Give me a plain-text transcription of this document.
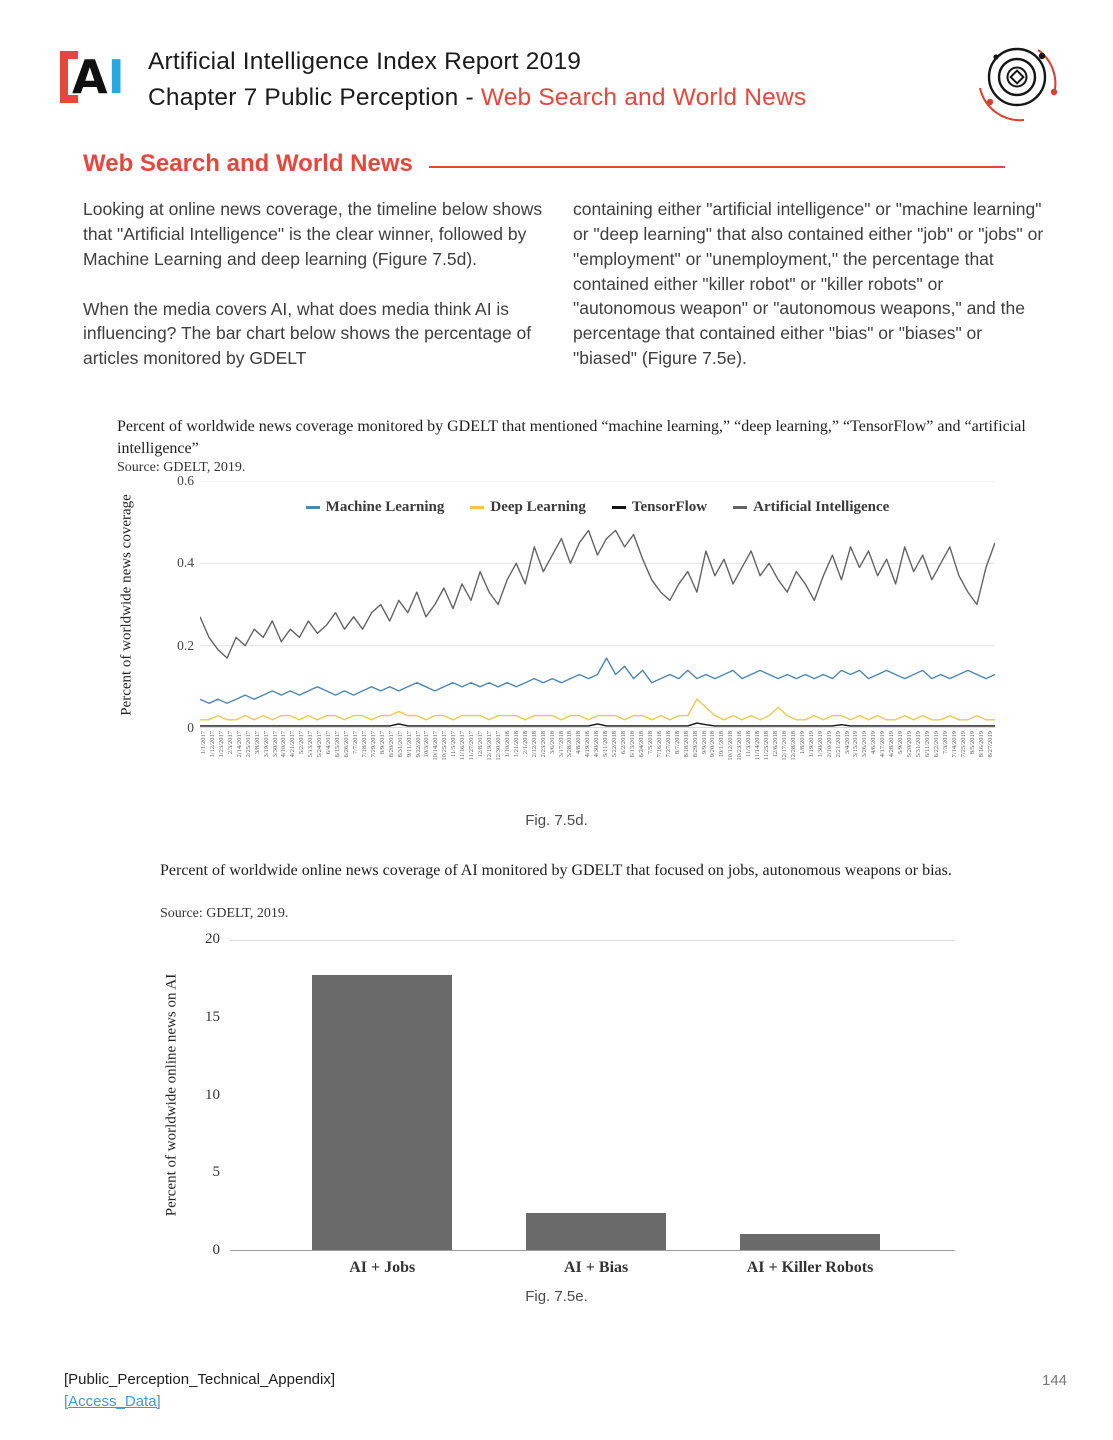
A I Artificial Intelligence Index Report 2019
Chapter 7 Public Perception - Web Search and World News
Web Search and World News

Looking at online news coverage, the timeline below shows that "Artificial Intelligence" is the clear winner, followed by Machine Learning and deep learning (Figure 7.5d).

When the media covers AI, what does media think AI is influencing? The bar chart below shows the percentage of articles monitored by GDELT

containing either "artificial intelligence" or "machine learning" or "deep learning" that also contained either "job" or "jobs" or "employment" or "unemployment," the percentage that contained either "killer robot" or "killer robots" or "autonomous weapon" or "autonomous weapons," and the percentage that contained either "bias" or "biases" or "biased" (Figure 7.5e).

Percent of worldwide news coverage monitored by GDELT that mentioned “machine learning,” “deep learning,” “TensorFlow” and “artificial intelligence”
Source: GDELT, 2019.
Percent of worldwide news coverage
0
0.2
0.4
0.6
Machine Learning	Deep Learning	TensorFlow	Artificial Intelligence
1/1/2017 1/12/2017 1/23/2017 2/3/2017 2/14/2017 2/25/2017 3/8/2017 3/19/2017 3/30/2017 4/10/2017 4/21/2017 5/2/2017 5/13/2017 5/24/2017 6/4/2017 6/15/2017 6/26/2017 7/7/2017 7/18/2017 7/29/2017 8/9/2017 8/20/2017 8/31/2017 9/11/2017 9/22/2017 10/3/2017 10/14/2017 10/25/2017 11/5/2017 11/16/2017 11/27/2017 12/8/2017 12/19/2017 12/30/2017 1/10/2018 1/21/2018 2/1/2018 2/12/2018 2/23/2018 3/6/2018 3/17/2018 3/28/2018 4/8/2018 4/19/2018 4/30/2018 5/11/2018 5/22/2018 6/2/2018 6/13/2018 6/24/2018 7/5/2018 7/16/2018 7/27/2018 8/7/2018 8/18/2018 8/29/2018 9/9/2018 9/20/2018 10/1/2018 10/12/2018 10/23/2018 11/3/2018 11/14/2018 11/25/2018 12/6/2018 12/17/2018 12/28/2018 1/8/2019 1/19/2019 1/30/2019 2/10/2019 2/21/2019 3/4/2019 3/15/2019 3/26/2019 4/6/2019 4/17/2019 4/28/2019 5/9/2019 5/20/2019 5/31/2019 6/11/2019 6/22/2019 7/3/2019 7/14/2019 7/25/2019 8/5/2019 8/16/2019 8/27/2019
Fig. 7.5d.
Percent of worldwide online news coverage of AI monitored by GDELT that focused on jobs, autonomous weapons or bias.
Source: GDELT, 2019.
Percent of worldwide online news on AI
0
5
10
15
20
AI + Jobs	AI + Bias	AI + Killer Robots
Fig. 7.5e.
[Public_Perception_Technical_Appendix]
[Access_Data]
144
